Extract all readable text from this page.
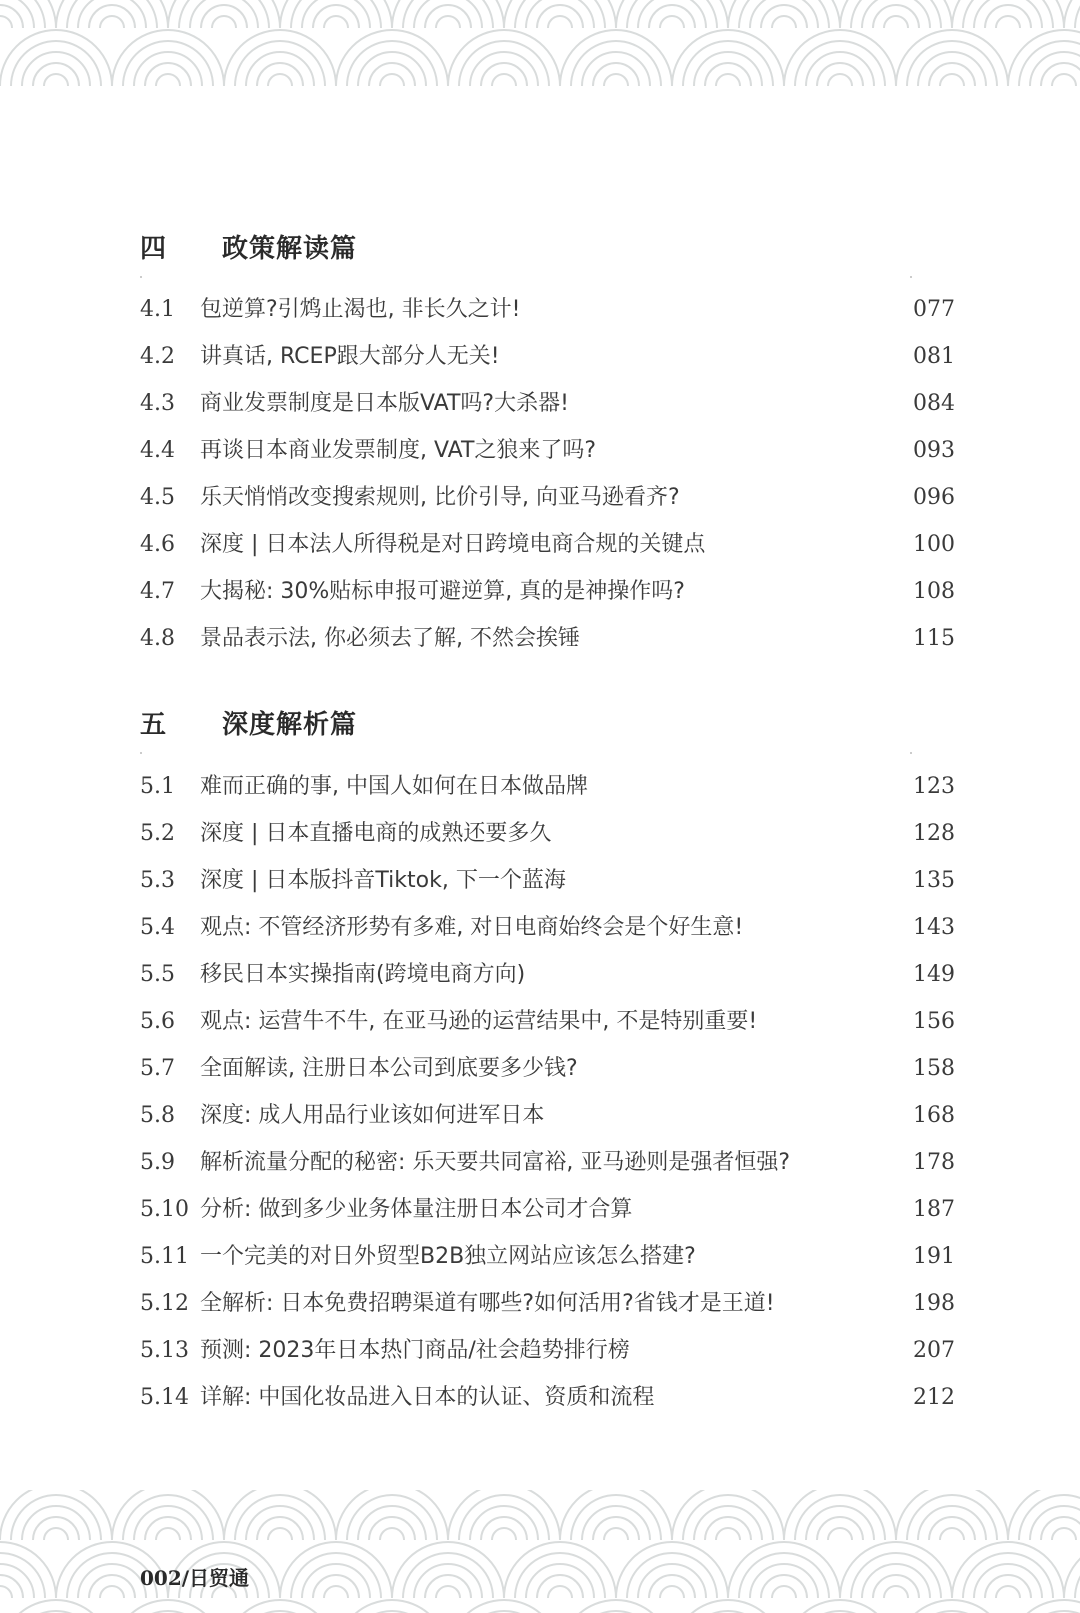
四 政策解读篇
4.1 包逆算?引鸩止渴也, 非长久之计!	077
4.2 讲真话, RCEP跟大部分人无关!	081
4.3 商业发票制度是日本版VAT吗?大杀器!	084
4.4 再谈日本商业发票制度, VAT之狼来了吗?	093
4.5 乐天悄悄改变搜索规则, 比价引导, 向亚马逊看齐?	096
4.6 深度 | 日本法人所得税是对日跨境电商合规的关键点	100
4.7 大揭秘: 30%贴标申报可避逆算, 真的是神操作吗?	108
4.8 景品表示法, 你必须去了解, 不然会挨锤	115
五 深度解析篇
5.1 难而正确的事, 中国人如何在日本做品牌	123
5.2 深度 | 日本直播电商的成熟还要多久	128
5.3 深度 | 日本版抖音Tiktok, 下一个蓝海	135
5.4 观点: 不管经济形势有多难, 对日电商始终会是个好生意!	143
5.5 移民日本实操指南(跨境电商方向)	149
5.6 观点: 运营牛不牛, 在亚马逊的运营结果中, 不是特别重要!	156
5.7 全面解读, 注册日本公司到底要多少钱?	158
5.8 深度: 成人用品行业该如何进军日本	168
5.9 解析流量分配的秘密: 乐天要共同富裕, 亚马逊则是强者恒强?	178
5.10 分析: 做到多少业务体量注册日本公司才合算	187
5.11 一个完美的对日外贸型B2B独立网站应该怎么搭建?	191
5.12 全解析: 日本免费招聘渠道有哪些?如何活用?省钱才是王道!	198
5.13 预测: 2023年日本热门商品/社会趋势排行榜	207
5.14 详解: 中国化妆品进入日本的认证、资质和流程	212
002/日贸通
